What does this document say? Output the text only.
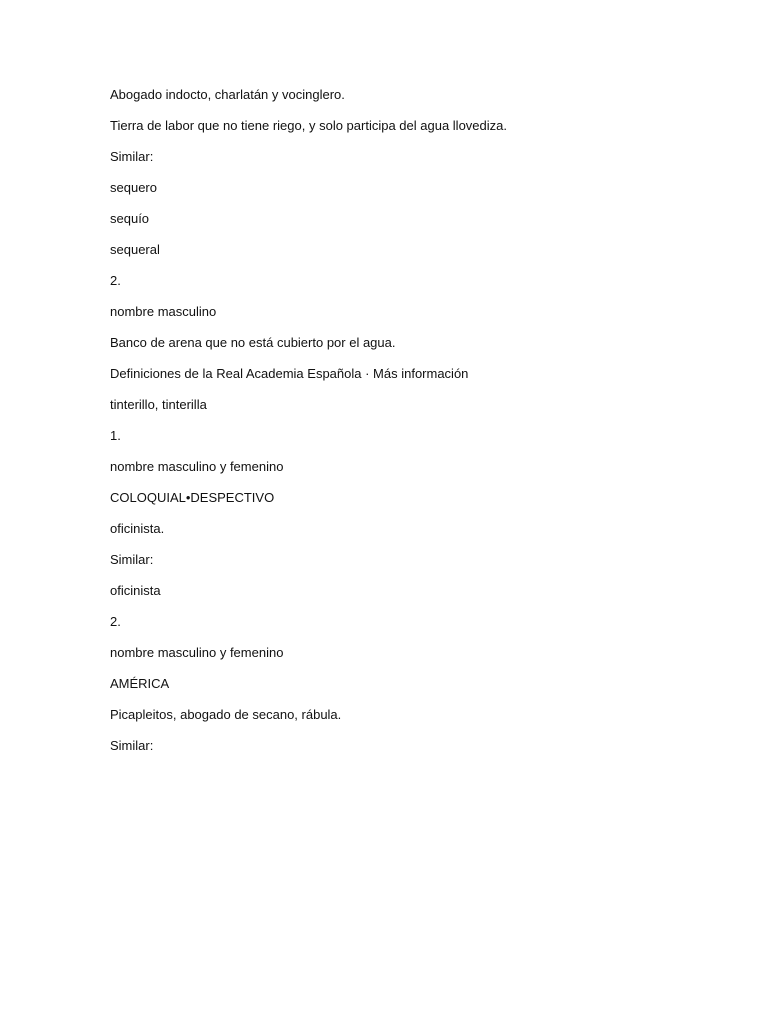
Abogado indocto, charlatán y vocinglero.
Tierra de labor que no tiene riego, y solo participa del agua llovediza.
Similar:
sequero
sequío
sequeral
2.
nombre masculino
Banco de arena que no está cubierto por el agua.
Definiciones de la Real Academia Española · Más información
tinterillo, tinterilla
1.
nombre masculino y femenino
COLOQUIAL•DESPECTIVO
oficinista.
Similar:
oficinista
2.
nombre masculino y femenino
AMÉRICA
Picapleitos, abogado de secano, rábula.
Similar:
